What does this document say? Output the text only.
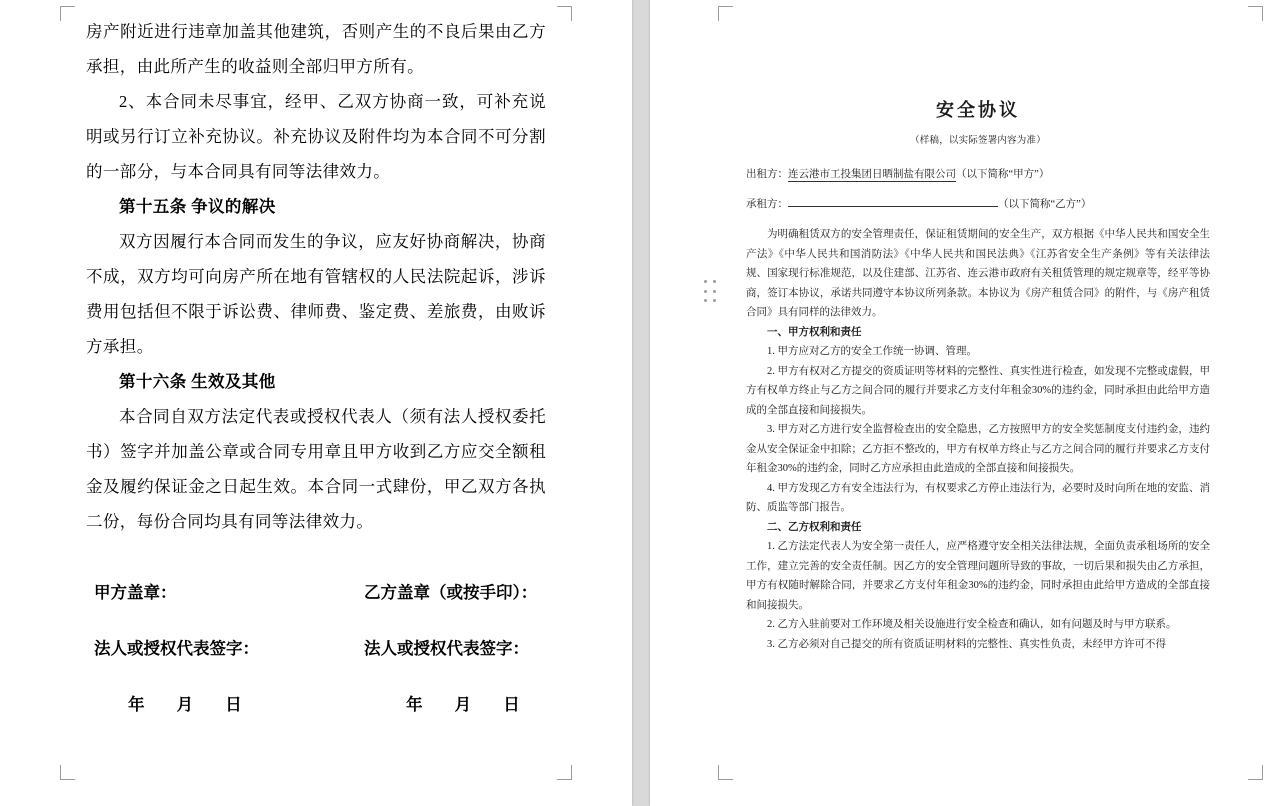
房产附近进行违章加盖其他建筑，否则产生的不良后果由乙方承担，由此所产生的收益则全部归甲方所有。

2、本合同未尽事宜，经甲、乙双方协商一致，可补充说明或另行订立补充协议。补充协议及附件均为本合同不可分割的一部分，与本合同具有同等法律效力。

第十五条 争议的解决

双方因履行本合同而发生的争议，应友好协商解决，协商不成，双方均可向房产所在地有管辖权的人民法院起诉，涉诉费用包括但不限于诉讼费、律师费、鉴定费、差旅费，由败诉方承担。

第十六条 生效及其他

本合同自双方法定代表或授权代表人（须有法人授权委托书）签字并加盖公章或合同专用章且甲方收到乙方应交全额租金及履约保证金之日起生效。本合同一式肆份，甲乙双方各执二份，每份合同均具有同等法律效力。

甲方盖章：	乙方盖章（或按手印）：
法人或授权代表签字：	法人或授权代表签字：
年 月 日	年 月 日

安全协议

（样稿，以实际签署内容为准）

出租方：连云港市工投集团日晒制盐有限公司（以下简称“甲方”）

承租方：	（以下简称“乙方”）

为明确租赁双方的安全管理责任，保证租赁期间的安全生产，双方根据《中华人民共和国安全生产法》《中华人民共和国消防法》《中华人民共和国民法典》《江苏省安全生产条例》等有关法律法规、国家现行标准规范，以及住建部、江苏省、连云港市政府有关租赁管理的规定规章等，经平等协商，签订本协议，承诺共同遵守本协议所列条款。本协议为《房产租赁合同》的附件，与《房产租赁合同》具有同样的法律效力。

一、甲方权利和责任

1. 甲方应对乙方的安全工作统一协调、管理。

2. 甲方有权对乙方提交的资质证明等材料的完整性、真实性进行检查，如发现不完整或虚假，甲方有权单方终止与乙方之间合同的履行并要求乙方支付年租金30%的违约金，同时承担由此给甲方造成的全部直接和间接损失。

3. 甲方对乙方进行安全监督检查出的安全隐患，乙方按照甲方的安全奖惩制度支付违约金，违约金从安全保证金中扣除；乙方拒不整改的，甲方有权单方终止与乙方之间合同的履行并要求乙方支付年租金30%的违约金，同时乙方应承担由此造成的全部直接和间接损失。

4. 甲方发现乙方有安全违法行为，有权要求乙方停止违法行为，必要时及时向所在地的安监、消防、质监等部门报告。

二、乙方权利和责任

1. 乙方法定代表人为安全第一责任人，应严格遵守安全相关法律法规，全面负责承租场所的安全工作，建立完善的安全责任制。因乙方的安全管理问题所导致的事故，一切后果和损失由乙方承担，甲方有权随时解除合同，并要求乙方支付年租金30%的违约金，同时承担由此给甲方造成的全部直接和间接损失。

2. 乙方入驻前要对工作环境及相关设施进行安全检查和确认，如有问题及时与甲方联系。

3. 乙方必须对自己提交的所有资质证明材料的完整性、真实性负责，未经甲方许可不得
